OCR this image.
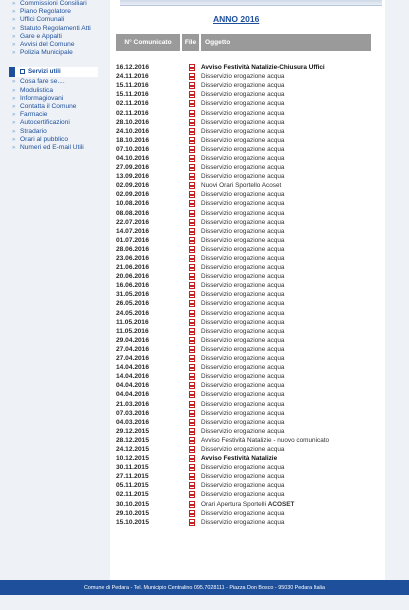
» Commissioni Consiliari
» Piano Regolatore
» Uffici Comunali
» Statuto Regolamenti Atti
» Gare e Appalti
» Avvisi del Comune
» Polizia Municipale
Servizi utili
» Cosa fare se....
» Modulistica
» Informagiovani
» Contatta il Comune
» Farmacie
» Autocertificazioni
» Stradario
» Orari al pubblico
» Numeri ed E-mail Utili
ANNO 2016
N° Comunicato	File	Oggetto
16.12.2016	Avviso Festività Natalizie-Chiusura Uffici
24.11.2016	Disservizio erogazione acqua
15.11.2016	Disservizio erogazione acqua
15.11.2016	Disservizio erogazione acqua
02.11.2016	Disservizio erogazione acqua
02.11.2016	Disservizio erogazione acqua
28.10.2016	Disservizio erogazione acqua
24.10.2016	Disservizio erogazione acqua
18.10.2016	Disservizio erogazione acqua
07.10.2016	Disservizio erogazione acqua
04.10.2016	Disservizio erogazione acqua
27.09.2016	Disservizio erogazione acqua
13.09.2016	Disservizio erogazione acqua
02.09.2016	Nuovi Orari Sportello Acoset
02.09.2016	Disservizio erogazione acqua
10.08.2016	Disservizio erogazione acqua
08.08.2016	Disservizio erogazione acqua
22.07.2016	Disservizio erogazione acqua
14.07.2016	Disservizio erogazione acqua
01.07.2016	Disservizio erogazione acqua
28.06.2016	Disservizio erogazione acqua
23.06.2016	Disservizio erogazione acqua
21.06.2016	Disservizio erogazione acqua
20.06.2016	Disservizio erogazione acqua
16.06.2016	Disservizio erogazione acqua
31.05.2016	Disservizio erogazione acqua
26.05.2016	Disservizio erogazione acqua
24.05.2016	Disservizio erogazione acqua
11.05.2016	Disservizio erogazione acqua
11.05.2016	Disservizio erogazione acqua
29.04.2016	Disservizio erogazione acqua
27.04.2016	Disservizio erogazione acqua
27.04.2016	Disservizio erogazione acqua
14.04.2016	Disservizio erogazione acqua
14.04.2016	Disservizio erogazione acqua
04.04.2016	Disservizio erogazione acqua
04.04.2016	Disservizio erogazione acqua
21.03.2016	Disservizio erogazione acqua
07.03.2016	Disservizio erogazione acqua
04.03.2016	Disservizio erogazione acqua
29.12.2015	Disservizio erogazione acqua
28.12.2015	Avviso Festività Natalizie - nuovo comunicato
24.12.2015	Disservizio erogazione acqua
10.12.2015	Avviso Festività Natalizie
30.11.2015	Disservizio erogazione acqua
27.11.2015	Disservizio erogazione acqua
05.11.2015	Disservizio erogazione acqua
02.11.2015	Disservizio erogazione acqua
30.10.2015	Orari Apertura Sportelli ACOSET
29.10.2015	Disservizio erogazione acqua
15.10.2015	Disservizio erogazione acqua
Comune di Pedara - Tel. Municipio Centralino 095.7028111 - Piazza Don Bosco - 95030 Pedara Italia
